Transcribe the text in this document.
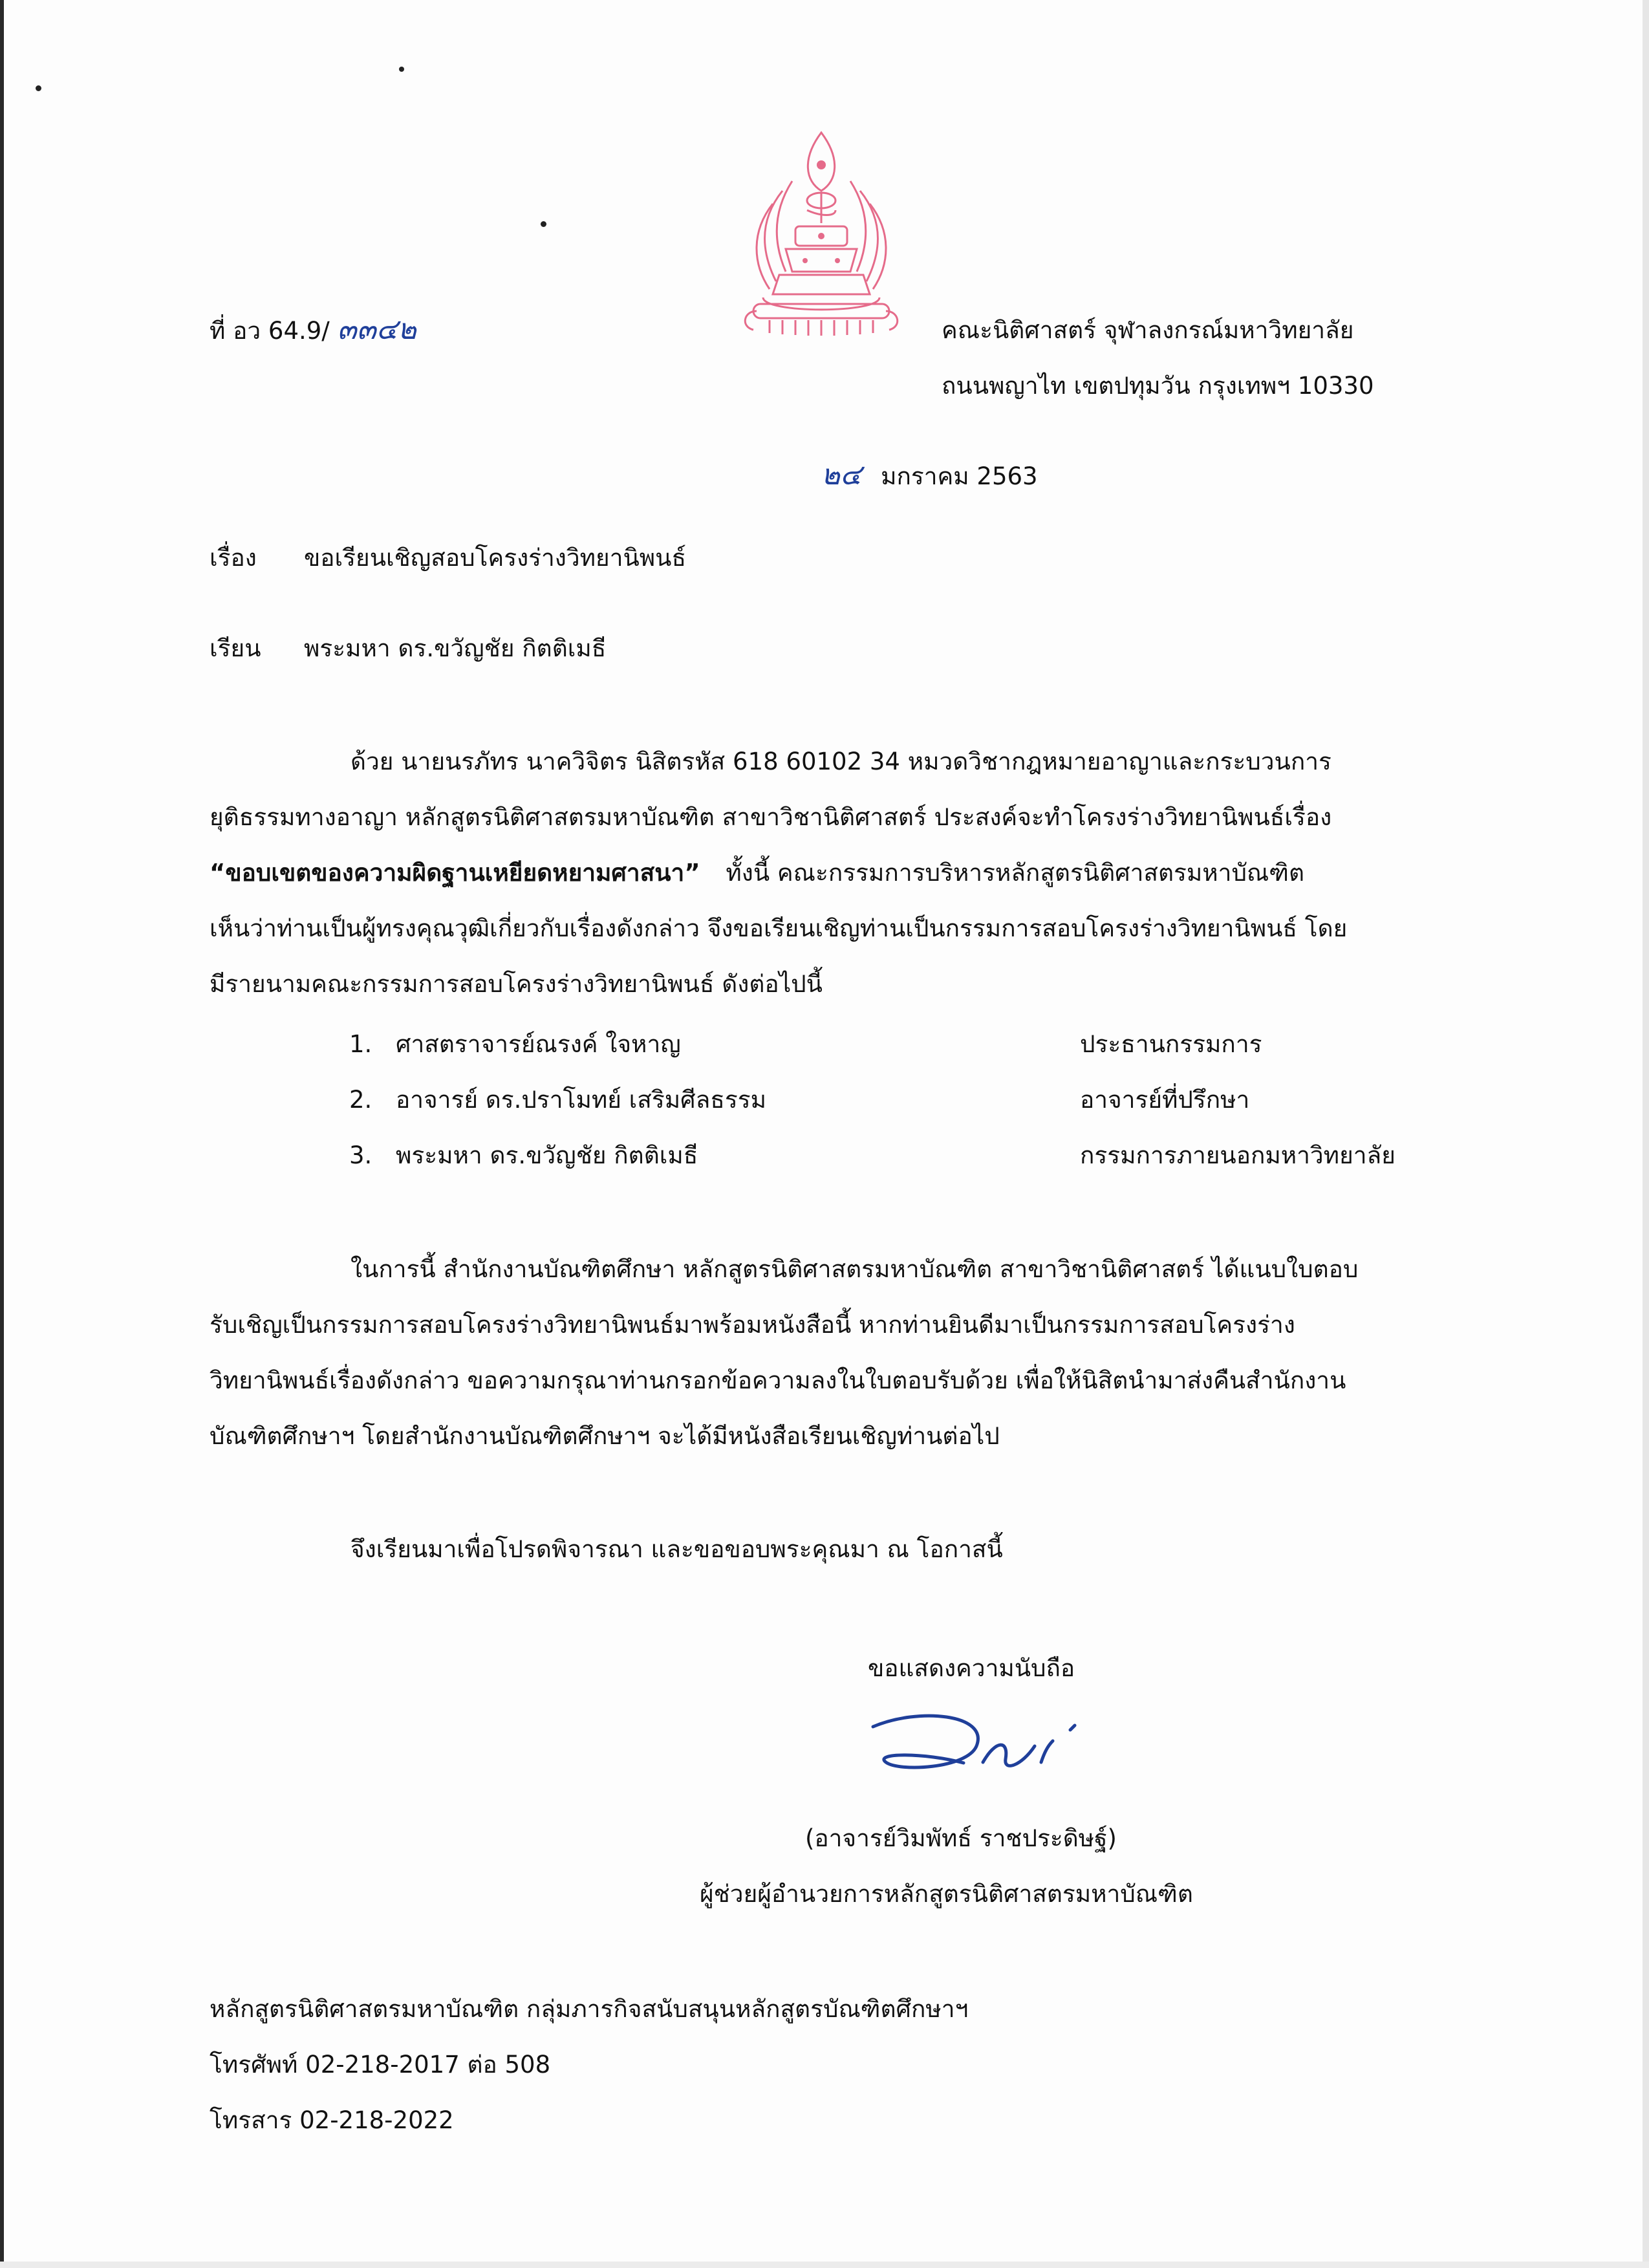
ที่ อว 64.9/ ๓๓๔๒	คณะนิติศาสตร์ จุฬาลงกรณ์มหาวิทยาลัย
ถนนพญาไท เขตปทุมวัน กรุงเทพฯ 10330
๒๔ มกราคม 2563
เรื่อง ขอเรียนเชิญสอบโครงร่างวิทยานิพนธ์
เรียน พระมหา ดร.ขวัญชัย กิตติเมธี
ด้วย นายนรภัทร นาควิจิตร นิสิตรหัส 618 60102 34 หมวดวิชากฎหมายอาญาและกระบวนการ
ยุติธรรมทางอาญา หลักสูตรนิติศาสตรมหาบัณฑิต สาขาวิชานิติศาสตร์ ประสงค์จะทำโครงร่างวิทยานิพนธ์เรื่อง
“ขอบเขตของความผิดฐานเหยียดหยามศาสนา” ทั้งนี้ คณะกรรมการบริหารหลักสูตรนิติศาสตรมหาบัณฑิต
เห็นว่าท่านเป็นผู้ทรงคุณวุฒิเกี่ยวกับเรื่องดังกล่าว จึงขอเรียนเชิญท่านเป็นกรรมการสอบโครงร่างวิทยานิพนธ์ โดย
มีรายนามคณะกรรมการสอบโครงร่างวิทยานิพนธ์ ดังต่อไปนี้
1. ศาสตราจารย์ณรงค์ ใจหาญ	ประธานกรรมการ
2. อาจารย์ ดร.ปราโมทย์ เสริมศีลธรรม	อาจารย์ที่ปรึกษา
3. พระมหา ดร.ขวัญชัย กิตติเมธี	กรรมการภายนอกมหาวิทยาลัย
ในการนี้ สำนักงานบัณฑิตศึกษา หลักสูตรนิติศาสตรมหาบัณฑิต สาขาวิชานิติศาสตร์ ได้แนบใบตอบ
รับเชิญเป็นกรรมการสอบโครงร่างวิทยานิพนธ์มาพร้อมหนังสือนี้ หากท่านยินดีมาเป็นกรรมการสอบโครงร่าง
วิทยานิพนธ์เรื่องดังกล่าว ขอความกรุณาท่านกรอกข้อความลงในใบตอบรับด้วย เพื่อให้นิสิตนำมาส่งคืนสำนักงาน
บัณฑิตศึกษาฯ โดยสำนักงานบัณฑิตศึกษาฯ จะได้มีหนังสือเรียนเชิญท่านต่อไป
จึงเรียนมาเพื่อโปรดพิจารณา และขอขอบพระคุณมา ณ โอกาสนี้
ขอแสดงความนับถือ
(อาจารย์วิมพัทธ์ ราชประดิษฐ์)
ผู้ช่วยผู้อำนวยการหลักสูตรนิติศาสตรมหาบัณฑิต
หลักสูตรนิติศาสตรมหาบัณฑิต กลุ่มภารกิจสนับสนุนหลักสูตรบัณฑิตศึกษาฯ
โทรศัพท์ 02-218-2017 ต่อ 508
โทรสาร 02-218-2022
